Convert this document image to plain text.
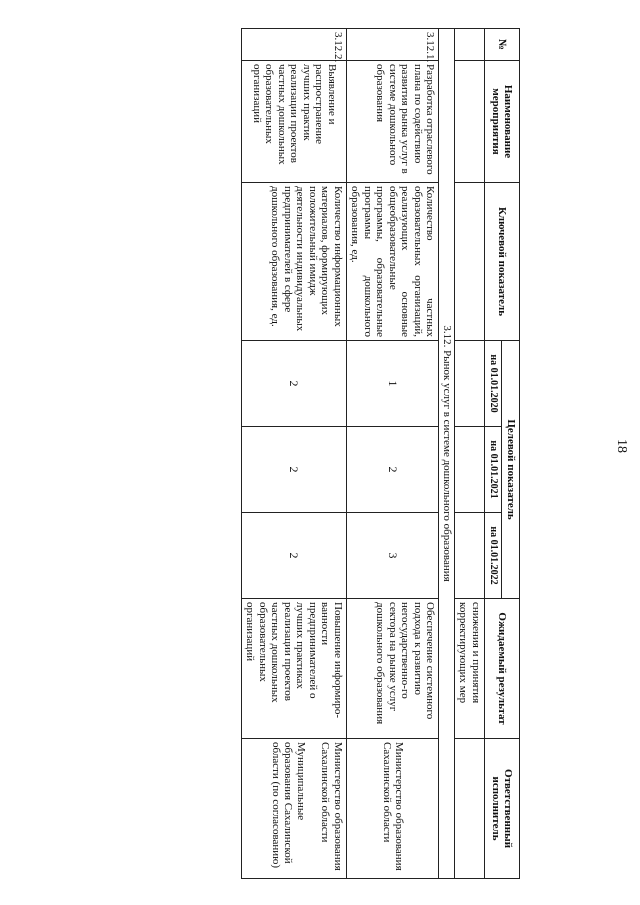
18
№	Наименование мероприятия	Ключевой показатель	Целевой показатель			Ожидаемый результат	Ответственный исполнитель
			на 01.01.2020	на 01.01.2021	на 01.01.2022		
						снижения и принятия корректирующих мер	
3.12. Рынок услуг в системе дошкольного образования							
3.12.1.	Разработка отраслевого плана по содействию развития рынка услуг в системе дошкольного образования	Количество частных образовательных организаций, реализующих основные общеобразовательные программы, образовательные программы дошкольного образования, ед.	1	2	3	Обеспечение системного подхода к развитию негосударственно-го сектора на рынке услуг дошкольного образования	Министерство образования Сахалинской области
3.12.2.	Выявление и распространение лучших практик реализации проектов частных дошкольных образовательных организаций	Количество информационных материалов, формирующих положительный имидж деятельности индивидуальных предпринимателей в сфере дошкольного образования, ед.	2	2	2	Повышение информиро-ванности предпринимателей о лучших практиках реализации проектов частных дошкольных образовательных организаций	Министерство образования Сахалинской области
Муниципальные образования Сахалинской области (по согласованию)
